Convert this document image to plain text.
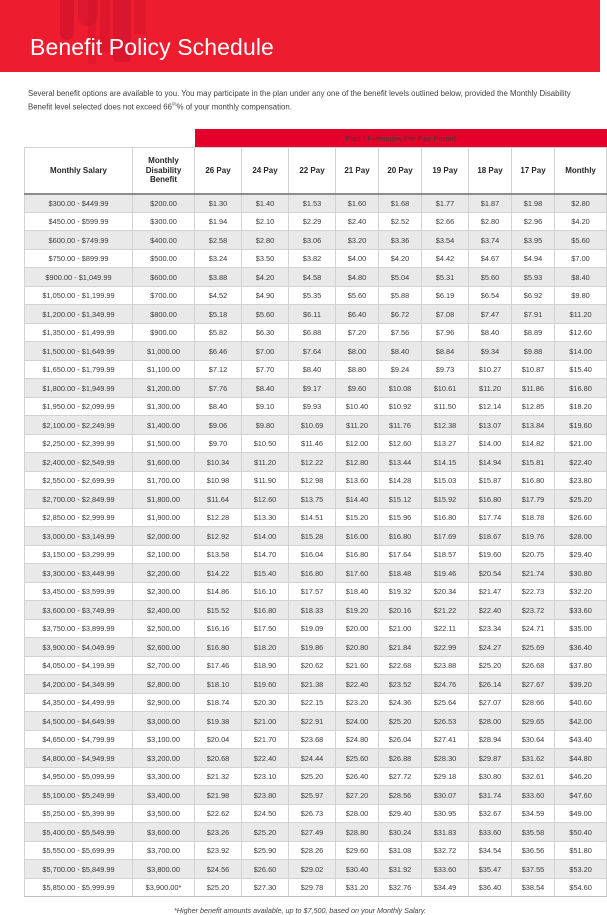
Benefit Policy Schedule

Several benefit options are available to you. You may participate in the plan under any one of the benefit levels outlined below, provided the Monthly Disability Benefit level selected does not exceed $66^{\frac{2}{3}}\%$ of your monthly compensation.

		Plan I Premiums Per Pay Period								
Monthly Salary	Monthly Disability Benefit	26 Pay	24 Pay	22 Pay	21 Pay	20 Pay	19 Pay	18 Pay	17 Pay	Monthly
$300.00 - $449.99	$200.00	$1.30	$1.40	$1.53	$1.60	$1.68	$1.77	$1.87	$1.98	$2.80
$450.00 - $599.99	$300.00	$1.94	$2.10	$2.29	$2.40	$2.52	$2.66	$2.80	$2.96	$4.20
$600.00 - $749.99	$400.00	$2.58	$2.80	$3.06	$3.20	$3.36	$3.54	$3.74	$3.95	$5.60
$750.00 - $899.99	$500.00	$3.24	$3.50	$3.82	$4.00	$4.20	$4.42	$4.67	$4.94	$7.00
$900.00 - $1,049.99	$600.00	$3.88	$4.20	$4.58	$4.80	$5.04	$5.31	$5.60	$5.93	$8.40
$1,050.00 - $1,199.99	$700.00	$4.52	$4.90	$5.35	$5.60	$5.88	$6.19	$6.54	$6.92	$9.80
$1,200.00 - $1,349.99	$800.00	$5.18	$5.60	$6.11	$6.40	$6.72	$7.08	$7.47	$7.91	$11.20
$1,350.00 - $1,499.99	$900.00	$5.82	$6.30	$6.88	$7.20	$7.56	$7.96	$8.40	$8.89	$12.60
$1,500.00 - $1,649.99	$1,000.00	$6.46	$7.00	$7.64	$8.00	$8.40	$8.84	$9.34	$9.88	$14.00
$1,650.00 - $1,799.99	$1,100.00	$7.12	$7.70	$8.40	$8.80	$9.24	$9.73	$10.27	$10.87	$15.40
$1,800.00 - $1,949.99	$1,200.00	$7.76	$8.40	$9.17	$9.60	$10.08	$10.61	$11.20	$11.86	$16.80
$1,950.00 - $2,099.99	$1,300.00	$8.40	$9.10	$9.93	$10.40	$10.92	$11.50	$12.14	$12.85	$18.20
$2,100.00 - $2,249.99	$1,400.00	$9.06	$9.80	$10.69	$11.20	$11.76	$12.38	$13.07	$13.84	$19.60
$2,250.00 - $2,399.99	$1,500.00	$9.70	$10.50	$11.46	$12.00	$12.60	$13.27	$14.00	$14.82	$21.00
$2,400.00 - $2,549.99	$1,600.00	$10.34	$11.20	$12.22	$12.80	$13.44	$14.15	$14.94	$15.81	$22.40
$2,550.00 - $2,699.99	$1,700.00	$10.98	$11.90	$12.98	$13.60	$14.28	$15.03	$15.87	$16.80	$23.80
$2,700.00 - $2,849.99	$1,800.00	$11.64	$12.60	$13.75	$14.40	$15.12	$15.92	$16.80	$17.79	$25.20
$2,850.00 - $2,999.99	$1,900.00	$12.28	$13.30	$14.51	$15.20	$15.96	$16.80	$17.74	$18.78	$26.60
$3,000.00 - $3,149.99	$2,000.00	$12.92	$14.00	$15.28	$16.00	$16.80	$17.69	$18.67	$19.76	$28.00
$3,150.00 - $3,299.99	$2,100.00	$13.58	$14.70	$16.04	$16.80	$17.64	$18.57	$19.60	$20.75	$29.40
$3,300.00 - $3,449.99	$2,200.00	$14.22	$15.40	$16.80	$17.60	$18.48	$19.46	$20.54	$21.74	$30.80
$3,450.00 - $3,599.99	$2,300.00	$14.86	$16.10	$17.57	$18.40	$19.32	$20.34	$21.47	$22.73	$32.20
$3,600.00 - $3,749.99	$2,400.00	$15.52	$16.80	$18.33	$19.20	$20.16	$21.22	$22.40	$23.72	$33.60
$3,750.00 - $3,899.99	$2,500.00	$16.16	$17.50	$19.09	$20.00	$21.00	$22.11	$23.34	$24.71	$35.00
$3,900.00 - $4,049.99	$2,600.00	$16.80	$18.20	$19.86	$20.80	$21.84	$22.99	$24.27	$25.69	$36.40
$4,050.00 - $4,199.99	$2,700.00	$17.46	$18.90	$20.62	$21.60	$22.68	$23.88	$25.20	$26.68	$37.80
$4,200.00 - $4,349.99	$2,800.00	$18.10	$19.60	$21.38	$22.40	$23.52	$24.76	$26.14	$27.67	$39.20
$4,350.00 - $4,499.99	$2,900.00	$18.74	$20.30	$22.15	$23.20	$24.36	$25.64	$27.07	$28.66	$40.60
$4,500.00 - $4,649.99	$3,000.00	$19.38	$21.00	$22.91	$24.00	$25.20	$26.53	$28.00	$29.65	$42.00
$4,650.00 - $4,799.99	$3,100.00	$20.04	$21.70	$23.68	$24.80	$26.04	$27.41	$28.94	$30.64	$43.40
$4,800.00 - $4,949.99	$3,200.00	$20.68	$22.40	$24.44	$25.60	$26.88	$28.30	$29.87	$31.62	$44.80
$4,950.00 - $5,099.99	$3,300.00	$21.32	$23.10	$25.20	$26.40	$27.72	$29.18	$30.80	$32.61	$46.20
$5,100.00 - $5,249.99	$3,400.00	$21.98	$23.80	$25.97	$27.20	$28.56	$30.07	$31.74	$33.60	$47.60
$5,250.00 - $5,399.99	$3,500.00	$22.62	$24.50	$26.73	$28.00	$29.40	$30.95	$32.67	$34.59	$49.00
$5,400.00 - $5,549.99	$3,600.00	$23.26	$25.20	$27.49	$28.80	$30.24	$31.83	$33.60	$35.58	$50.40
$5,550.00 - $5,699.99	$3,700.00	$23.92	$25.90	$28.26	$29.60	$31.08	$32.72	$34.54	$36.56	$51.80
$5,700.00 - $5,849.99	$3,800.00	$24.56	$26.60	$29.02	$30.40	$31.92	$33.60	$35.47	$37.55	$53.20
$5,850.00 - $5,999.99	$3,900.00*	$25.20	$27.30	$29.78	$31.20	$32.76	$34.49	$36.40	$38.54	$54.60
*Higher benefit amounts available, up to $7,500, based on your Monthly Salary.
